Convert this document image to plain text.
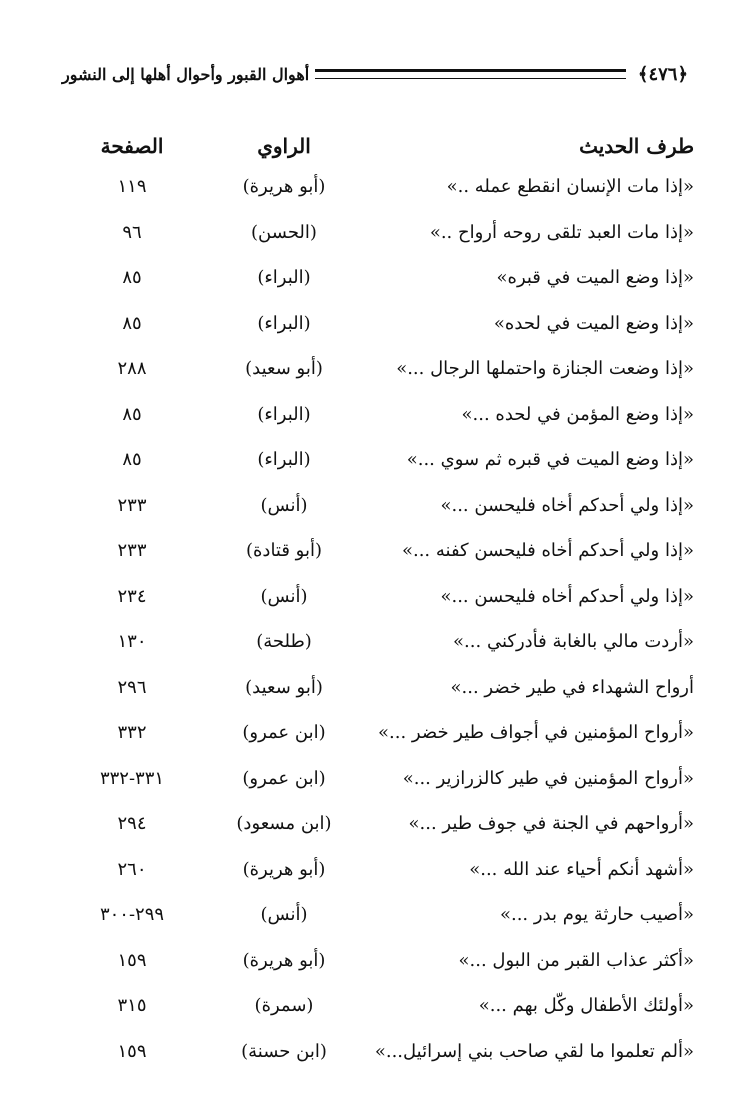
﴿٤٧٦﴾
أهوال القبور وأحوال أهلها إلى النشور
طرف الحديث
الراوي
الصفحة
«إذا مات الإنسان انقطع عمله ..»
(أبو هريرة)
١١٩
«إذا مات العبد تلقى روحه أرواح ..»
(الحسن)
٩٦
«إذا وضع الميت في قبره»
(البراء)
٨٥
«إذا وضع الميت في لحده»
(البراء)
٨٥
«إذا وضعت الجنازة واحتملها الرجال ...»
(أبو سعيد)
٢٨٨
«إذا وضع المؤمن في لحده ...»
(البراء)
٨٥
«إذا وضع الميت في قبره ثم سوي ...»
(البراء)
٨٥
«إذا ولي أحدكم أخاه فليحسن ...»
(أنس)
٢٣٣
«إذا ولي أحدكم أخاه فليحسن كفنه ...»
(أبو قتادة)
٢٣٣
«إذا ولي أحدكم أخاه فليحسن ...»
(أنس)
٢٣٤
«أردت مالي بالغابة فأدركني ...»
(طلحة)
١٣٠
أرواح الشهداء في طير خضر ...»
(أبو سعيد)
٢٩٦
«أرواح المؤمنين في أجواف طير خضر ...»
(ابن عمرو)
٣٣٢
«أرواح المؤمنين في طير كالزرازير ...»
(ابن عمرو)
٣٣١-٣٣٢
«أرواحهم في الجنة في جوف طير ...»
(ابن مسعود)
٢٩٤
«أشهد أنكم أحياء عند الله ...»
(أبو هريرة)
٢٦٠
«أصيب حارثة يوم بدر ...»
(أنس)
٢٩٩-٣٠٠
«أكثر عذاب القبر من البول ...»
(أبو هريرة)
١٥٩
«أولئك الأطفال وكّل بهم ...»
(سمرة)
٣١٥
«ألم تعلموا ما لقي صاحب بني إسرائيل...»
(ابن حسنة)
١٥٩
